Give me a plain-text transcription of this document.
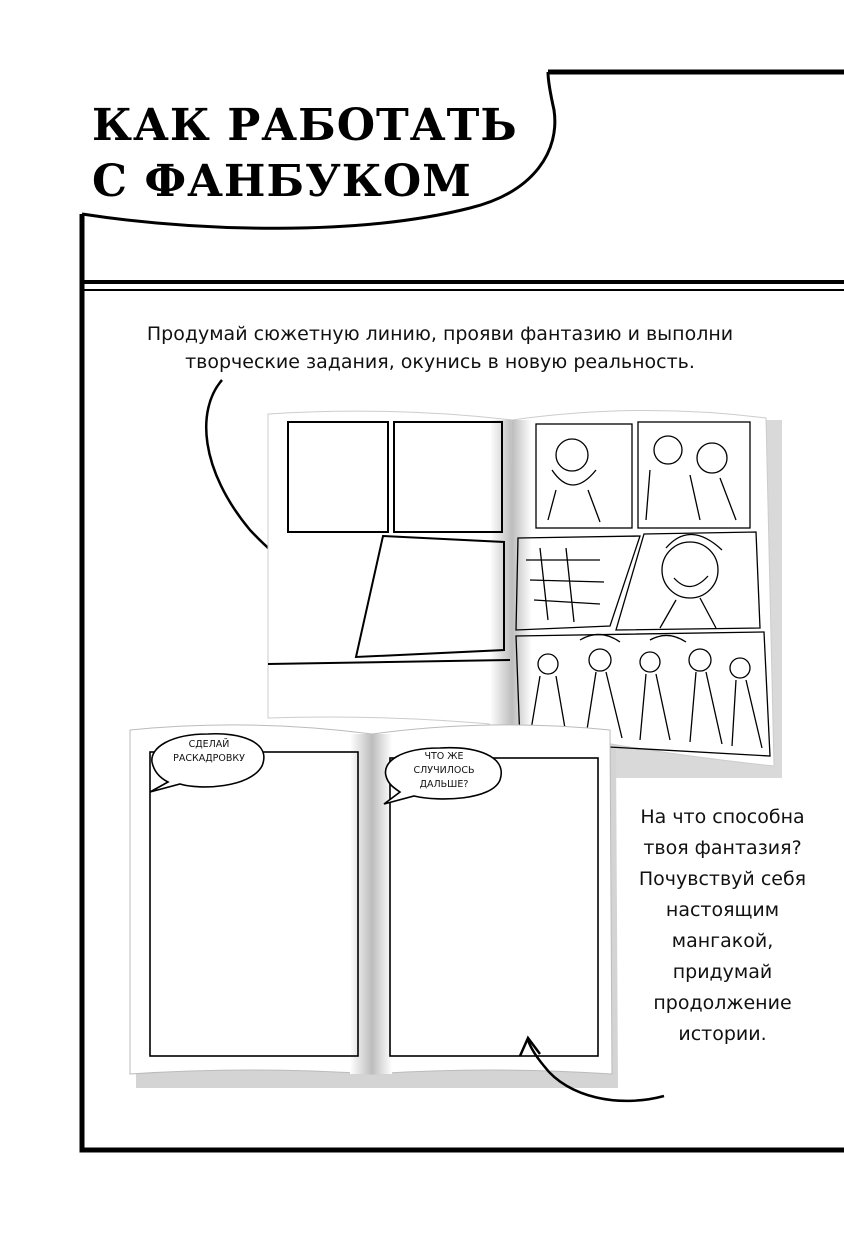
КАК РАБОТАТЬ
С ФАНБУКОМ
Продумай сюжетную линию, прояви фантазию и выполни творческие задания, окунись в новую реальность.
На что способна твоя фантазия? Почувствуй себя настоящим мангакой, придумай продолжение истории.
СДЕЛАЙ РАСКАДРОВКУ	ЧТО ЖЕ СЛУЧИЛОСЬ ДАЛЬШЕ?
